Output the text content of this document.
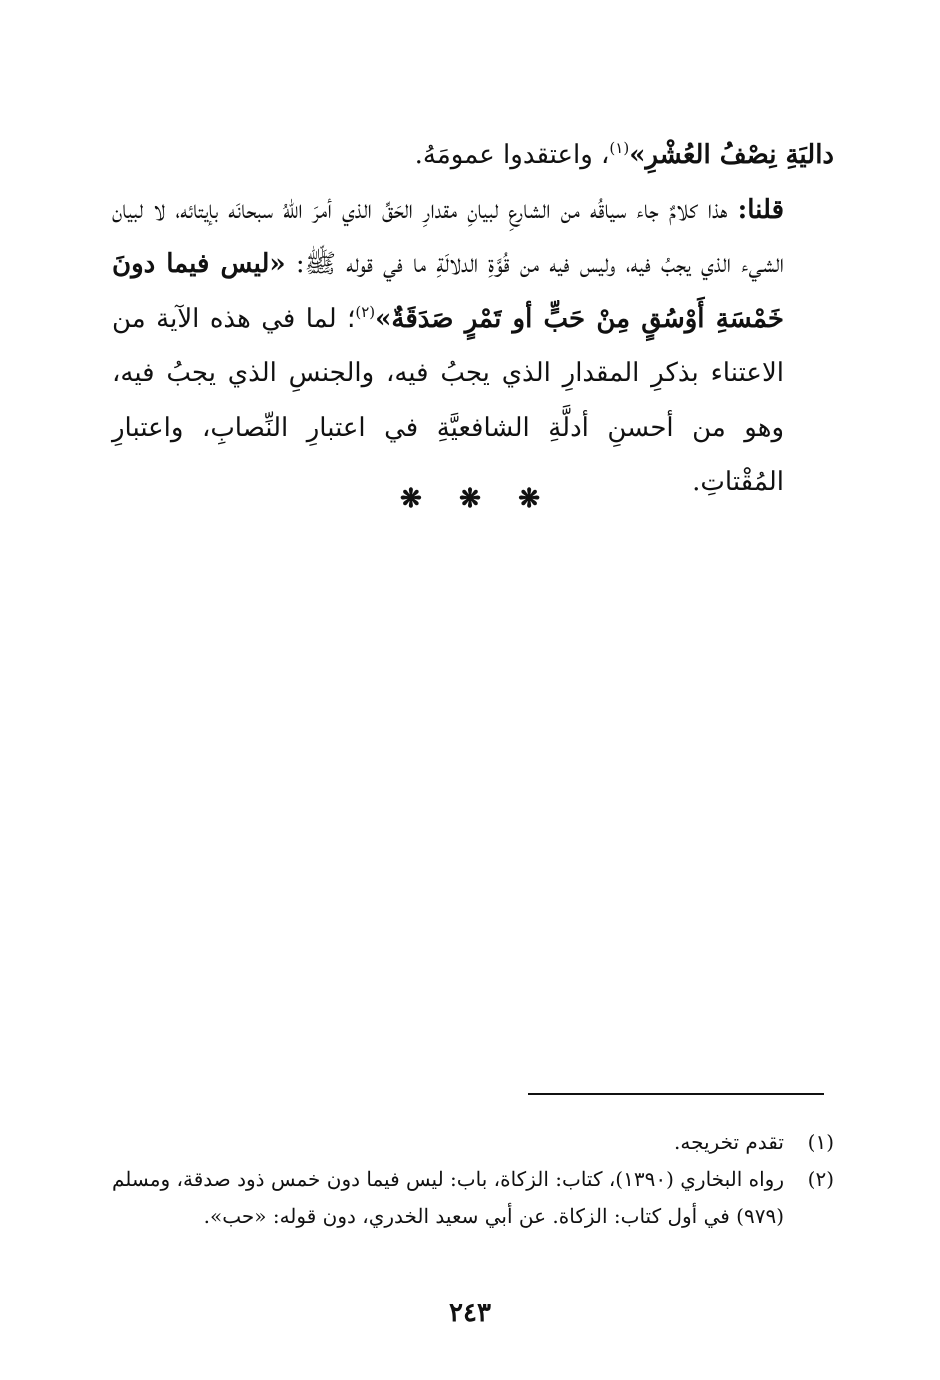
داليَةِ نِصْفُ العُشْرِ»$^{(١)}$، واعتقدوا عمومَهُ.

قلنا: هذا كلامٌ جاء سياقُه من الشارعِ لبيانِ مقدارِ الحَقِّ الذي أمرَ اللهُ سبحانَه بإيتائه، لا لبيان الشيء الذي يجبُ فيه، وليس فيه من قُوَّةِ الدلالَةِ ما في قوله ﷺ: «ليس فيما دونَ خَمْسَةِ أَوْسُقٍ مِنْ حَبٍّ أو تَمْرٍ صَدَقَةٌ»$^{(٢)}$؛ لما في هذه الآية من الاعتناء بذكرِ المقدارِ الذي يجبُ فيه، والجنسِ الذي يجبُ فيه، وهو من أحسنِ أدلَّةِ الشافعيَّةِ في اعتبارِ النِّصابِ، واعتبارِ المُقْتاتِ.

❋ ❋ ❋
(١)
تقدم تخريجه.
(٢)
رواه البخاري (١٣٩٠)، كتاب: الزكاة، باب: ليس فيما دون خمس ذود صدقة، ومسلم (٩٧٩) في أول كتاب: الزكاة. عن أبي سعيد الخدري، دون قوله: «حب».
٢٤٣
